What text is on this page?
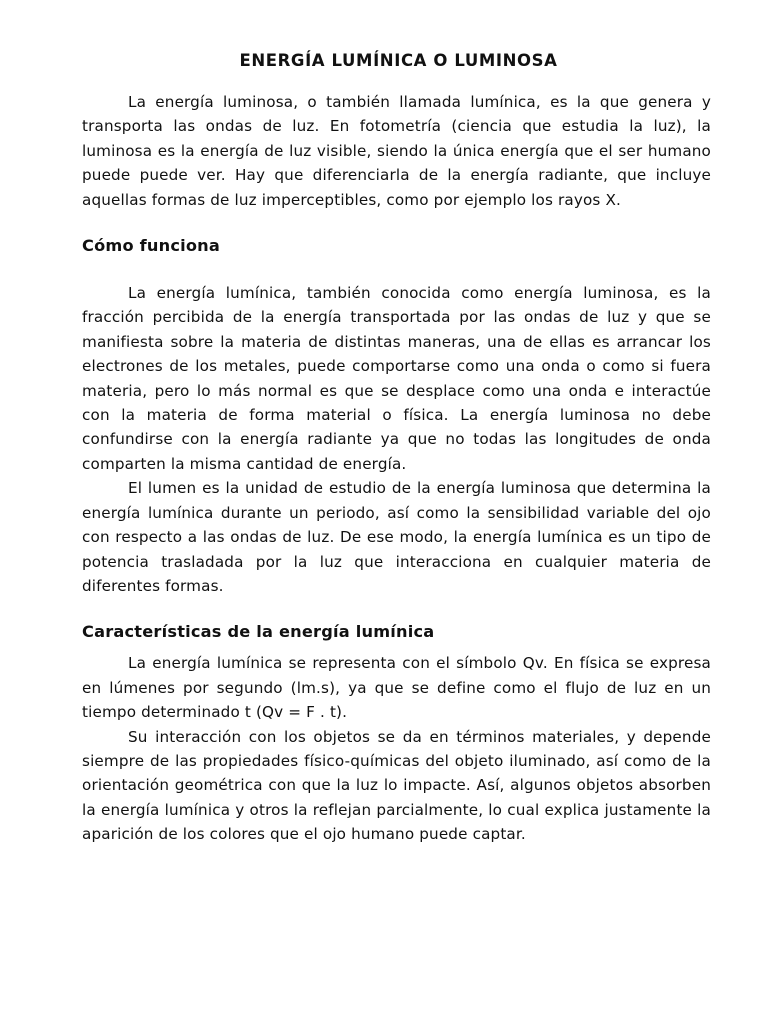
ENERGÍA LUMÍNICA O LUMINOSA

La energía luminosa, o también llamada lumínica, es la que genera y transporta las ondas de luz. En fotometría (ciencia que estudia la luz), la luminosa es la energía de luz visible, siendo la única energía que el ser humano puede puede ver. Hay que diferenciarla de la energía radiante, que incluye aquellas formas de luz imperceptibles, como por ejemplo los rayos X.

Cómo funciona

La energía lumínica, también conocida como energía luminosa, es la fracción percibida de la energía transportada por las ondas de luz y que se manifiesta sobre la materia de distintas maneras, una de ellas es arrancar los electrones de los metales, puede comportarse como una onda o como si fuera materia, pero lo más normal es que se desplace como una onda e interactúe con la materia de forma material o física. La energía luminosa no debe confundirse con la energía radiante ya que no todas las longitudes de onda comparten la misma cantidad de energía.

El lumen es la unidad de estudio de la energía luminosa que determina la energía lumínica durante un periodo, así como la sensibilidad variable del ojo con respecto a las ondas de luz. De ese modo, la energía lumínica es un tipo de potencia trasladada por la luz que interacciona en cualquier materia de diferentes formas.

Características de la energía lumínica

La energía lumínica se representa con el símbolo Qv. En física se expresa en lúmenes por segundo (lm.s), ya que se define como el flujo de luz en un tiempo determinado t (Qv = F . t).

Su interacción con los objetos se da en términos materiales, y depende siempre de las propiedades físico-químicas del objeto iluminado, así como de la orientación geométrica con que la luz lo impacte. Así, algunos objetos absorben la energía lumínica y otros la reflejan parcialmente, lo cual explica justamente la aparición de los colores que el ojo humano puede captar.
